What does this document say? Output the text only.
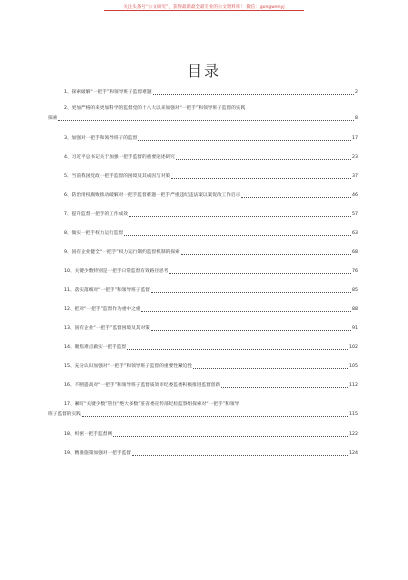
关注头条号“公文研究”，获得最新最全最专业的公文资料库！ 微信：gongwenyj
目录
1、探索破解“一把手”和领导班子监督难题	2
2、更加严格的来更加科学的监督党的十八大以来加强对“一把手”和领导班子监督的实践
探索	8
3、加强对一把手和领导班子的监督	17
4、习近平总书记关于加强一把手监督的重要论述研究	23
5、当前我国党政一把手监督的困境及其成因与对策	37
6、防治用权腐败推动破解对一把手监督难题一把手严重违纪违法案以案促改工作启示	46
7、提升监督一把手的工作成效	57
8、做实一把手权力运行监督	63
9、国有企业健全“一把手”权力运行制约监督机制的探索	68
10、关键少数特别是一把手日常监督有效路径思考	76
11、落实落细对“一把手”和领导班子监督	85
12、把对“一把手”监督作为重中之重	88
13、国有企业“一把手”监督困境及其对策	91
14、聚焦难点做实一把手监督	102
15、充分认识加强对“一把手”和领导班子监督的重要性紧迫性	105
16、不断提高对“一把手”和领导班子监督质效市纪委监委积极推进监督创新	112
17、紧盯“关键少数”管住“绝大多数”驻省委宣传部纪检监察组探索对“一把手”和领导
班子监督的实践	115
18、织密一把手监督网	122
19、精准施策加强对一把手监督	124
